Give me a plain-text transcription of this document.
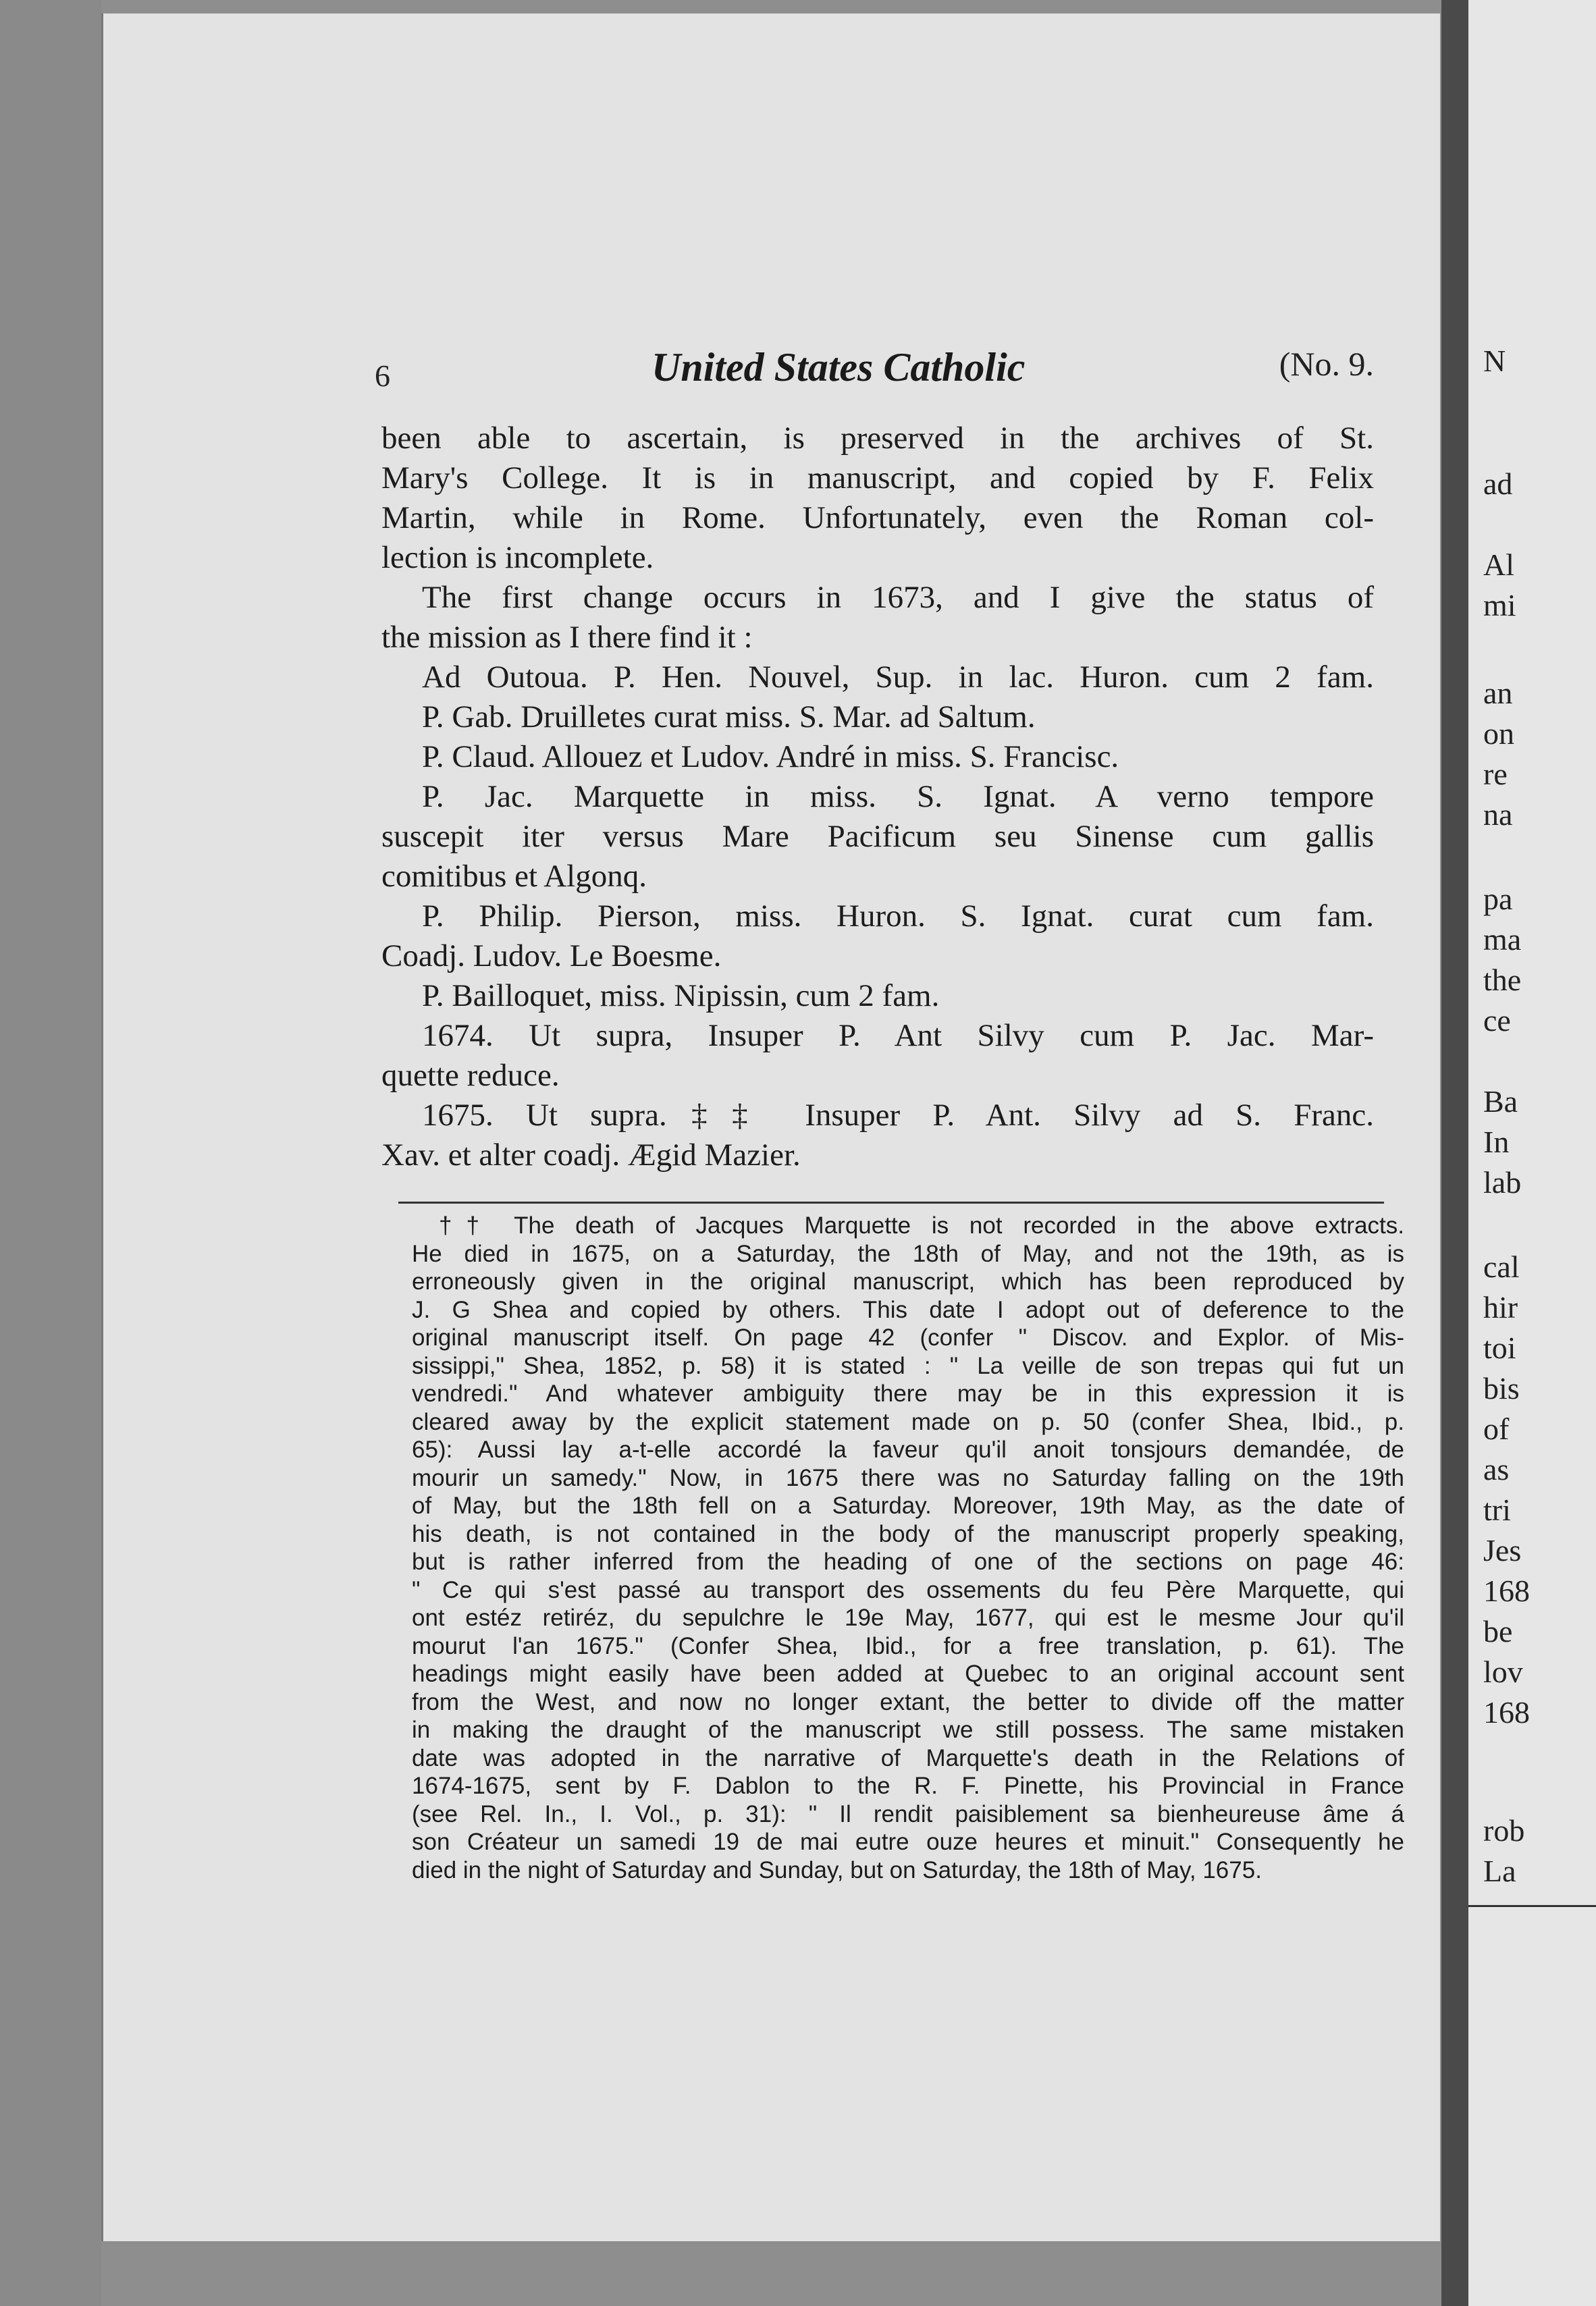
6	United States Catholic	(No. 9.
been able to ascertain, is preserved in the archives of St.
Mary's College. It is in manuscript, and copied by F. Felix
Martin, while in Rome. Unfortunately, even the Roman col-
lection is incomplete.
The first change occurs in 1673, and I give the status of
the mission as I there find it :
Ad Outoua. P. Hen. Nouvel, Sup. in lac. Huron. cum 2 fam.
P. Gab. Druilletes curat miss. S. Mar. ad Saltum.
P. Claud. Allouez et Ludov. André in miss. S. Francisc.
P. Jac. Marquette in miss. S. Ignat. A verno tempore
suscepit iter versus Mare Pacificum seu Sinense cum gallis
comitibus et Algonq.
P. Philip. Pierson, miss. Huron. S. Ignat. curat cum fam.
Coadj. Ludov. Le Boesme.
P. Bailloquet, miss. Nipissin, cum 2 fam.
1674. Ut supra, Insuper P. Ant Silvy cum P. Jac. Mar-
quette reduce.
1675. Ut supra.‡‡ Insuper P. Ant. Silvy ad S. Franc.
Xav. et alter coadj. Ægid Mazier.
†† The death of Jacques Marquette is not recorded in the above extracts.
He died in 1675, on a Saturday, the 18th of May, and not the 19th, as is
erroneously given in the original manuscript, which has been reproduced by
J. G Shea and copied by others. This date I adopt out of deference to the
original manuscript itself. On page 42 (confer " Discov. and Explor. of Mis-
sissippi," Shea, 1852, p. 58) it is stated : " La veille de son trepas qui fut un
vendredi." And whatever ambiguity there may be in this expression it is
cleared away by the explicit statement made on p. 50 (confer Shea, Ibid., p.
65): Aussi lay a-t-elle accordé la faveur qu'il anoit tonsjours demandée, de
mourir un samedy." Now, in 1675 there was no Saturday falling on the 19th
of May, but the 18th fell on a Saturday. Moreover, 19th May, as the date of
his death, is not contained in the body of the manuscript properly speaking,
but is rather inferred from the heading of one of the sections on page 46:
" Ce qui s'est passé au transport des ossements du feu Père Marquette, qui
ont estéz retiréz, du sepulchre le 19e May, 1677, qui est le mesme Jour qu'il
mourut l'an 1675." (Confer Shea, Ibid., for a free translation, p. 61). The
headings might easily have been added at Quebec to an original account sent
from the West, and now no longer extant, the better to divide off the matter
in making the draught of the manuscript we still possess. The same mistaken
date was adopted in the narrative of Marquette's death in the Relations of
1674-1675, sent by F. Dablon to the R. F. Pinette, his Provincial in France
(see Rel. In., I. Vol., p. 31): " Il rendit paisiblement sa bienheureuse âme á
son Créateur un samedi 19 de mai eutre ouze heures et minuit." Consequently he
died in the night of Saturday and Sunday, but on Saturday, the 18th of May, 1675.
N
ad
Al
mi
an
on
re
na
pa
ma
the
ce
Ba
In
lab
cal
hir
toi
bis
of
as
tri
Jes
168
be
lov
168
rob
La
